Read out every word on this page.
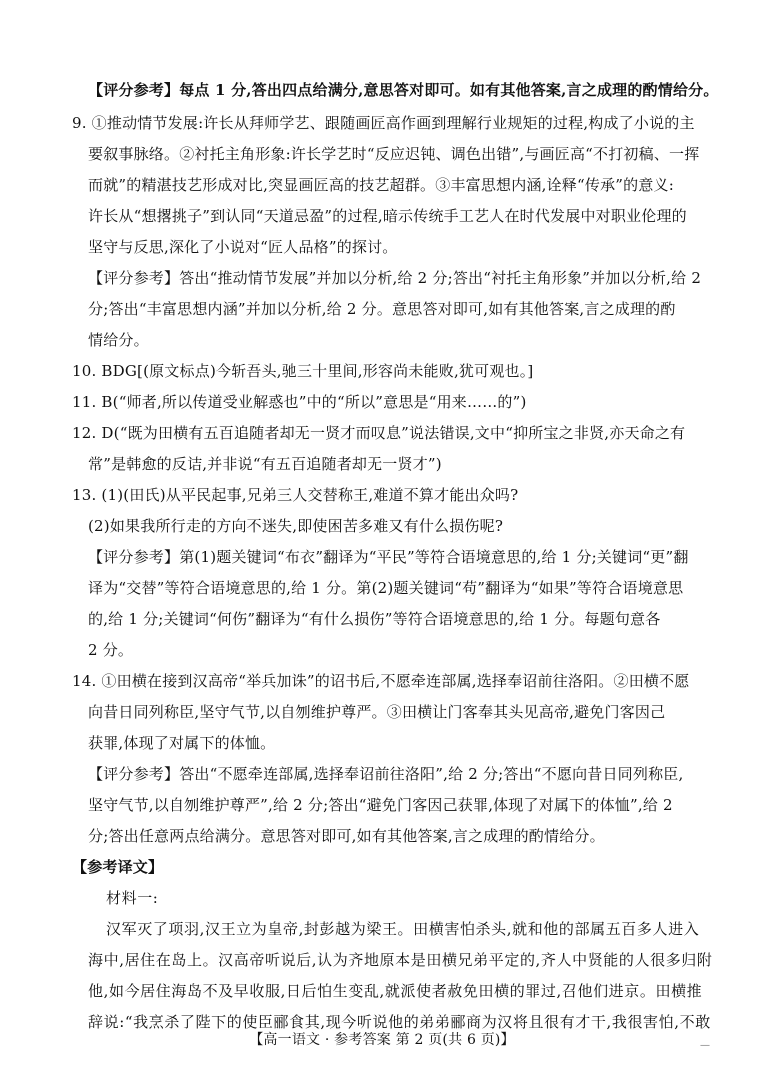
【评分参考】每点 1 分,答出四点给满分,意思答对即可。如有其他答案,言之成理的酌情给分。
9. ①推动情节发展:许长从拜师学艺、跟随画匠高作画到理解行业规矩的过程,构成了小说的主
要叙事脉络。②衬托主角形象:许长学艺时“反应迟钝、调色出错”,与画匠高“不打初稿、一挥
而就”的精湛技艺形成对比,突显画匠高的技艺超群。③丰富思想内涵,诠释“传承”的意义:
许长从“想撂挑子”到认同“天道忌盈”的过程,暗示传统手工艺人在时代发展中对职业伦理的
坚守与反思,深化了小说对“匠人品格”的探讨。
【评分参考】答出“推动情节发展”并加以分析,给 2 分;答出“衬托主角形象”并加以分析,给 2
分;答出“丰富思想内涵”并加以分析,给 2 分。意思答对即可,如有其他答案,言之成理的酌
情给分。
10. BDG[(原文标点)今斩吾头,驰三十里间,形容尚未能败,犹可观也。]
11. B(“师者,所以传道受业解惑也”中的“所以”意思是“用来……的”)
12. D(“既为田横有五百追随者却无一贤才而叹息”说法错误,文中“抑所宝之非贤,亦天命之有
常”是韩愈的反诘,并非说“有五百追随者却无一贤才”)
13. (1)(田氏)从平民起事,兄弟三人交替称王,难道不算才能出众吗?
(2)如果我所行走的方向不迷失,即使困苦多难又有什么损伤呢?
【评分参考】第(1)题关键词“布衣”翻译为“平民”等符合语境意思的,给 1 分;关键词“更”翻
译为“交替”等符合语境意思的,给 1 分。第(2)题关键词“苟”翻译为“如果”等符合语境意思
的,给 1 分;关键词“何伤”翻译为“有什么损伤”等符合语境意思的,给 1 分。每题句意各
2 分。
14. ①田横在接到汉高帝“举兵加诛”的诏书后,不愿牵连部属,选择奉诏前往洛阳。②田横不愿
向昔日同列称臣,坚守气节,以自刎维护尊严。③田横让门客奉其头见高帝,避免门客因己
获罪,体现了对属下的体恤。
【评分参考】答出“不愿牵连部属,选择奉诏前往洛阳”,给 2 分;答出“不愿向昔日同列称臣,
坚守气节,以自刎维护尊严”,给 2 分;答出“避免门客因己获罪,体现了对属下的体恤”,给 2
分;答出任意两点给满分。意思答对即可,如有其他答案,言之成理的酌情给分。
【参考译文】
材料一:
汉军灭了项羽,汉王立为皇帝,封彭越为梁王。田横害怕杀头,就和他的部属五百多人进入
海中,居住在岛上。汉高帝听说后,认为齐地原本是田横兄弟平定的,齐人中贤能的人很多归附
他,如今居住海岛不及早收服,日后怕生变乱,就派使者赦免田横的罪过,召他们进京。田横推
辞说:“我烹杀了陛下的使臣郦食其,现今听说他的弟弟郦商为汉将且很有才干,我很害怕,不敢
【高一语文 · 参考答案 第 2 页(共 6 页)】	—
